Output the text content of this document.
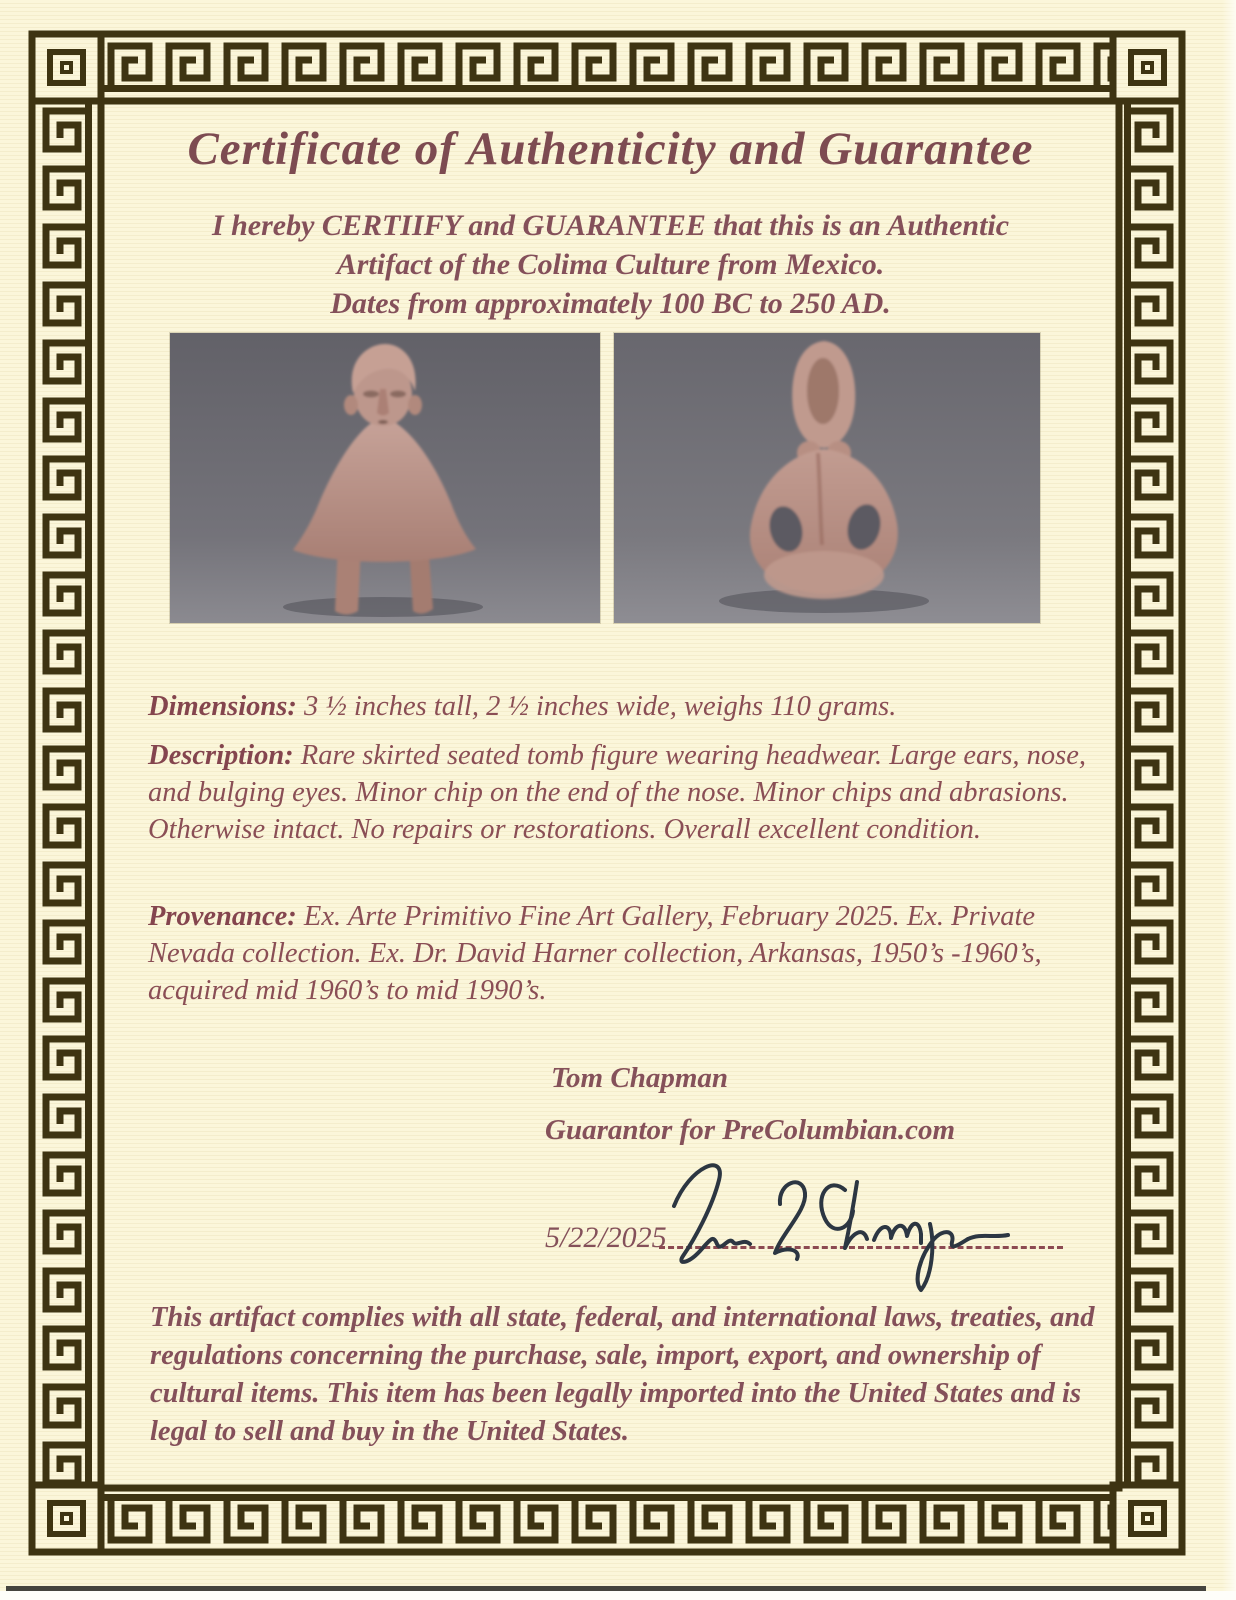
Certificate of Authenticity and Guarantee
I hereby CERTIIFY and GUARANTEE that this is an Authentic
Artifact of the Colima Culture from Mexico.
Dates from approximately 100 BC to 250 AD.

Dimensions: 3 ½ inches tall, 2 ½ inches wide, weighs 110 grams.

Description: Rare skirted seated tomb figure wearing headwear. Large ears, nose, and bulging eyes. Minor chip on the end of the nose. Minor chips and abrasions. Otherwise intact. No repairs or restorations. Overall excellent condition.

Provenance: Ex. Arte Primitivo Fine Art Gallery, February 2025. Ex. Private Nevada collection. Ex. Dr. David Harner collection, Arkansas, 1950’s -1960’s, acquired mid 1960’s to mid 1990’s.

Tom Chapman
Guarantor for PreColumbian.com
5/22/2025

This artifact complies with all state, federal, and international laws, treaties, and regulations concerning the purchase, sale, import, export, and ownership of cultural items. This item has been legally imported into the United States and is legal to sell and buy in the United States.
